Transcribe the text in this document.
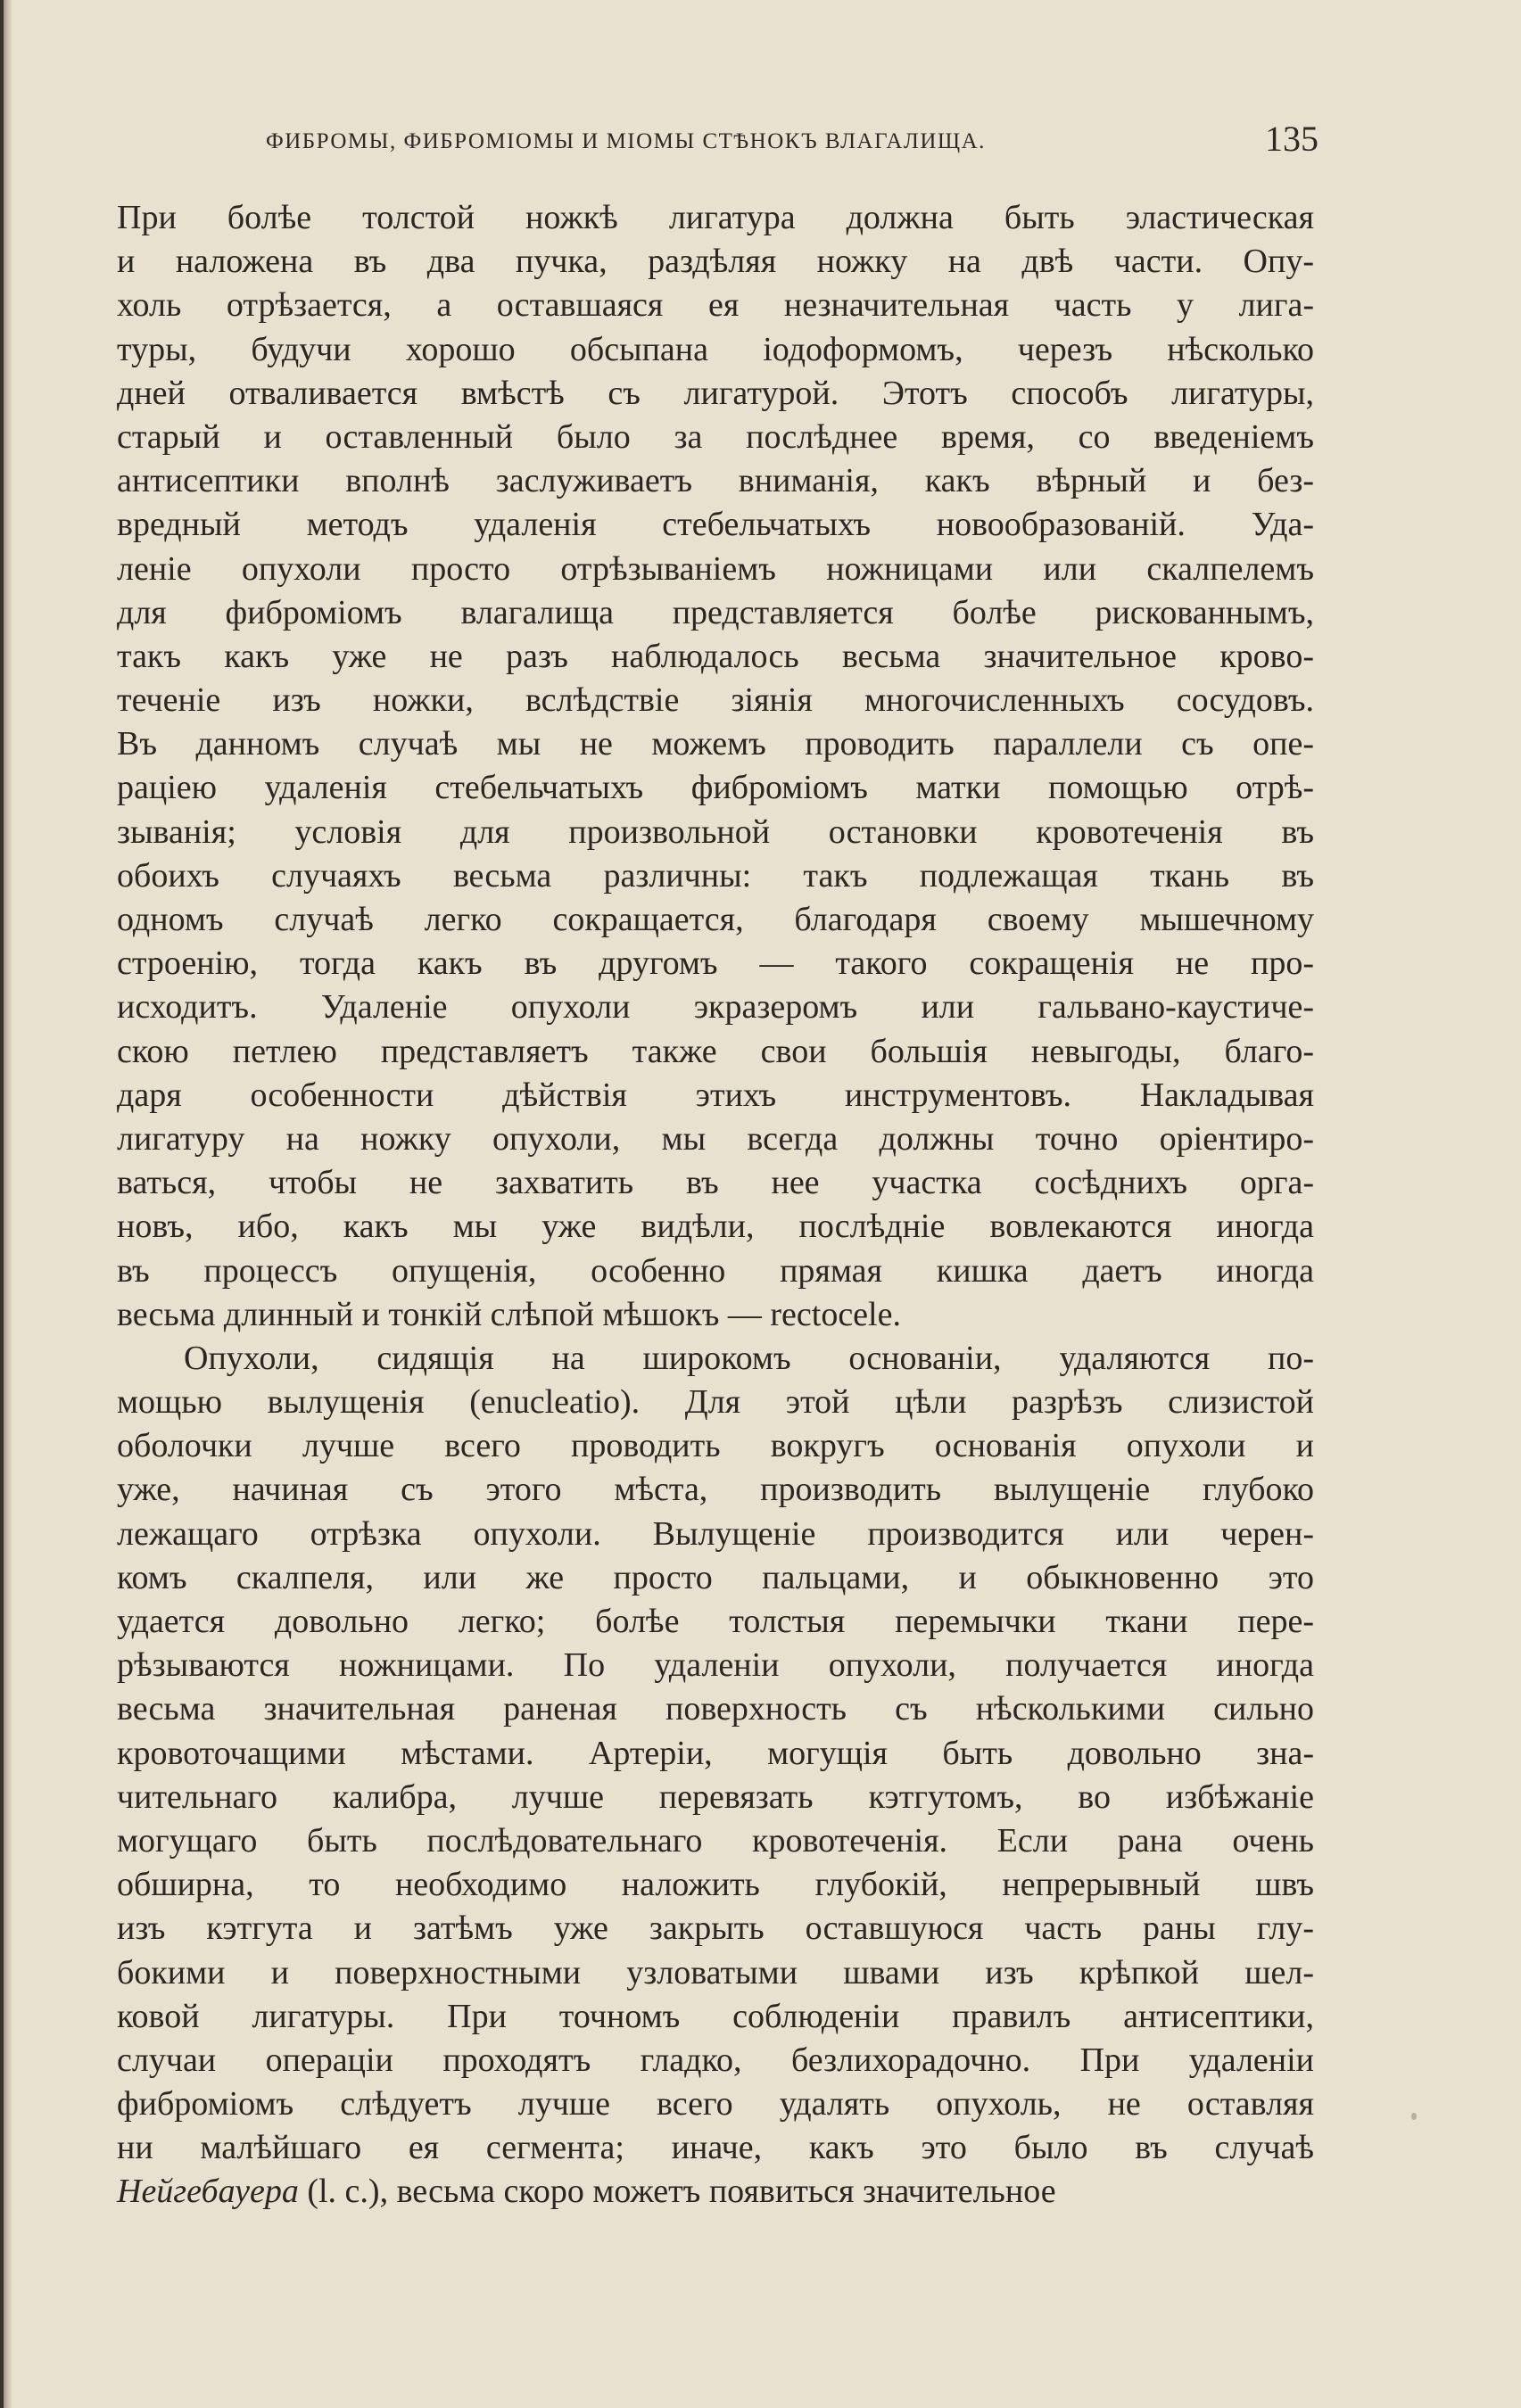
ФИБРОМЫ, ФИБРОМІОМЫ И МІОМЫ СТѢНОКЪ ВЛАГАЛИЩА.	135
При болѣе толстой ножкѣ лигатура должна быть эластическая
и наложена въ два пучка, раздѣляя ножку на двѣ части. Опу-
холь отрѣзается, а оставшаяся ея незначительная часть у лига-
туры, будучи хорошо обсыпана іодоформомъ, черезъ нѣсколько
дней отваливается вмѣстѣ съ лигатурой. Этотъ способъ лигатуры,
старый и оставленный было за послѣднее время, со введеніемъ
антисептики вполнѣ заслуживаетъ вниманія, какъ вѣрный и без-
вредный методъ удаленія стебельчатыхъ новообразованій. Уда-
леніе опухоли просто отрѣзываніемъ ножницами или скалпелемъ
для фиброміомъ влагалища представляется болѣе рискованнымъ,
такъ какъ уже не разъ наблюдалось весьма значительное крово-
теченіе изъ ножки, вслѣдствіе зіянія многочисленныхъ сосудовъ.
Въ данномъ случаѣ мы не можемъ проводить параллели съ опе-
раціею удаленія стебельчатыхъ фиброміомъ матки помощью отрѣ-
зыванія; условія для произвольной остановки кровотеченія въ
обоихъ случаяхъ весьма различны: такъ подлежащая ткань въ
одномъ случаѣ легко сокращается, благодаря своему мышечному
строенію, тогда какъ въ другомъ — такого сокращенія не про-
исходитъ. Удаленіе опухоли экразеромъ или гальвано-каустиче-
скою петлею представляетъ также свои большія невыгоды, благо-
даря особенности дѣйствія этихъ инструментовъ. Накладывая
лигатуру на ножку опухоли, мы всегда должны точно оріентиро-
ваться, чтобы не захватить въ нее участка сосѣднихъ орга-
новъ, ибо, какъ мы уже видѣли, послѣдніе вовлекаются иногда
въ процессъ опущенія, особенно прямая кишка даетъ иногда
весьма длинный и тонкій слѣпой мѣшокъ — rectocele.
Опухоли, сидящія на широкомъ основаніи, удаляются по-
мощью вылущенія (enucleatio). Для этой цѣли разрѣзъ слизистой
оболочки лучше всего проводить вокругъ основанія опухоли и
уже, начиная съ этого мѣста, производить вылущеніе глубоко
лежащаго отрѣзка опухоли. Вылущеніе производится или черен-
комъ скалпеля, или же просто пальцами, и обыкновенно это
удается довольно легко; болѣе толстыя перемычки ткани пере-
рѣзываются ножницами. По удаленіи опухоли, получается иногда
весьма значительная раненая поверхность съ нѣсколькими сильно
кровоточащими мѣстами. Артеріи, могущія быть довольно зна-
чительнаго калибра, лучше перевязать кэтгутомъ, во избѣжаніе
могущаго быть послѣдовательнаго кровотеченія. Если рана очень
обширна, то необходимо наложить глубокій, непрерывный швъ
изъ кэтгута и затѣмъ уже закрыть оставшуюся часть раны глу-
бокими и поверхностными узловатыми швами изъ крѣпкой шел-
ковой лигатуры. При точномъ соблюденіи правилъ антисептики,
случаи операціи проходятъ гладко, безлихорадочно. При удаленіи
фиброміомъ слѣдуетъ лучше всего удалять опухоль, не оставляя
ни малѣйшаго ея сегмента; иначе, какъ это было въ случаѣ
Нейгебауера (l. c.), весьма скоро можетъ появиться значительное
